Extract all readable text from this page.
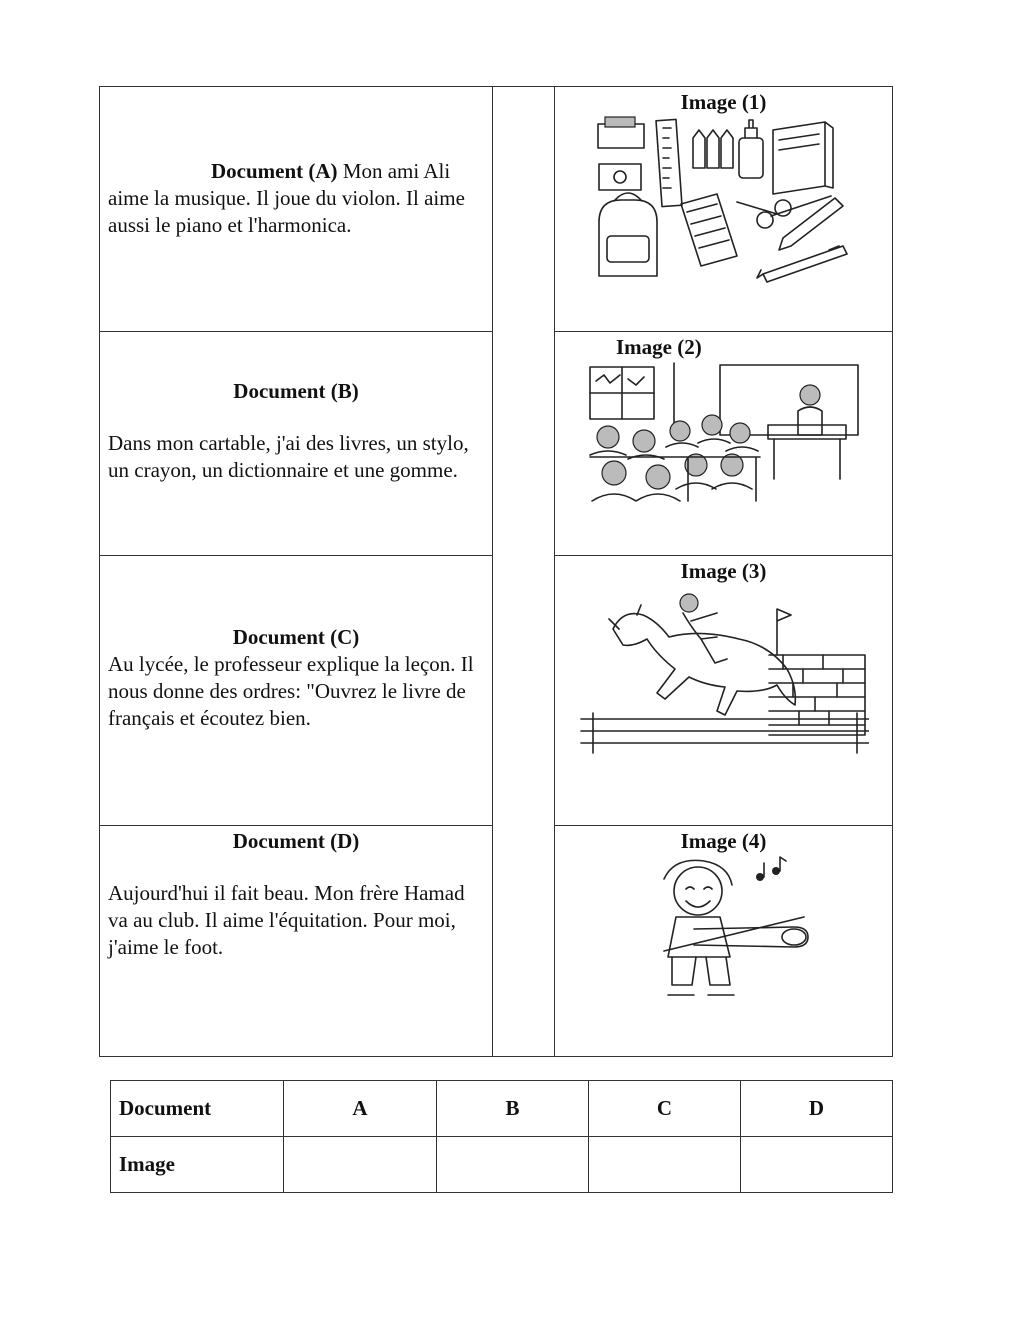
Document (A) Mon ami Ali aime la musique. Il joue du violon. Il aime aussi le piano et l'harmonica.		Image (1)

Document (B)
Dans mon cartable, j'ai des livres, un stylo, un crayon, un dictionnaire et une gomme.		Image (2)

Document (C)
Au lycée, le professeur explique la leçon. Il nous donne des ordres: "Ouvrez le livre de français et écoutez bien.		Image (3)

Document (D)
Aujourd'hui il fait beau. Mon frère Hamad va au club. Il aime l'équitation. Pour moi, j'aime le foot.		Image (4)
Document	A	B	C	D
Image				
